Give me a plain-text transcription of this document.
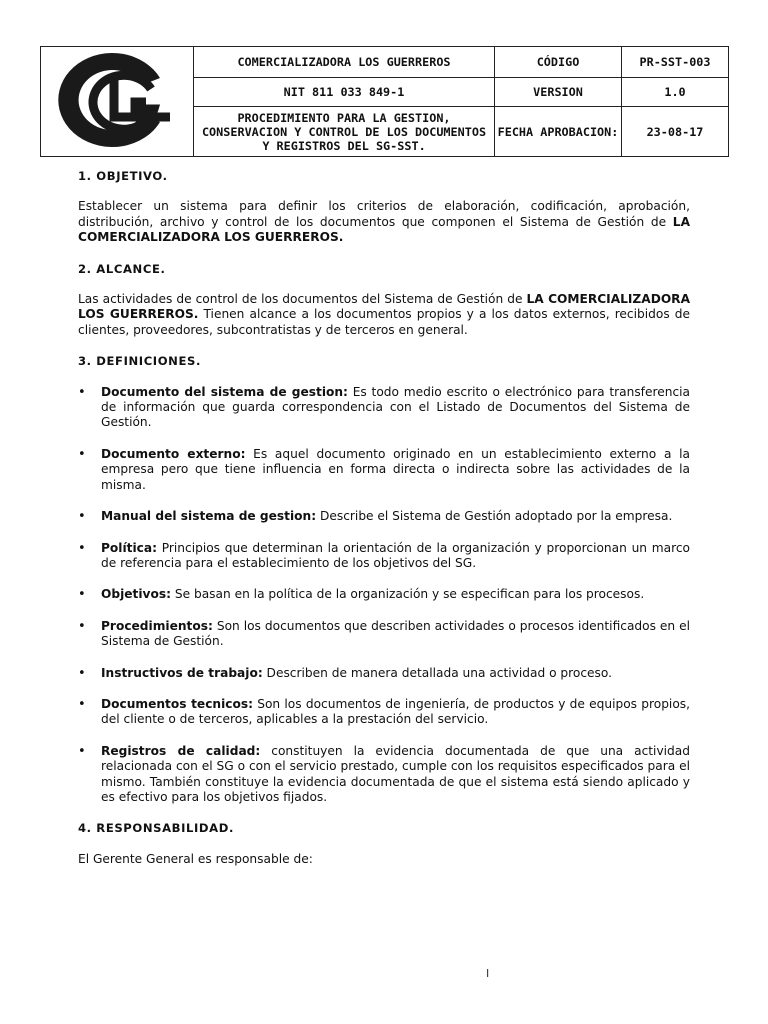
	COMERCIALIZADORA LOS GUERREROS	CÓDIGO	PR-SST-003
	NIT 811 033 849-1	VERSION	1.0
	PROCEDIMIENTO PARA LA GESTION, CONSERVACION Y CONTROL DE LOS DOCUMENTOS Y REGISTROS DEL SG-SST.	FECHA APROBACION:	23-08-17
1. OBJETIVO.

Establecer un sistema para definir los criterios de elaboración, codificación, aprobación, distribución, archivo y control de los documentos que componen el Sistema de Gestión de LA COMERCIALIZADORA LOS GUERREROS.

2. ALCANCE.

Las actividades de control de los documentos del Sistema de Gestión de LA COMERCIALIZADORA LOS GUERREROS. Tienen alcance a los documentos propios y a los datos externos, recibidos de clientes, proveedores, subcontratistas y de terceros en general.

3. DEFINICIONES.
• Documento del sistema de gestion: Es todo medio escrito o electrónico para transferencia de información que guarda correspondencia con el Listado de Documentos del Sistema de Gestión.
• Documento externo: Es aquel documento originado en un establecimiento externo a la empresa pero que tiene influencia en forma directa o indirecta sobre las actividades de la misma.
• Manual del sistema de gestion: Describe el Sistema de Gestión adoptado por la empresa.
• Política: Principios que determinan la orientación de la organización y proporcionan un marco de referencia para el establecimiento de los objetivos del SG.
• Objetivos: Se basan en la política de la organización y se especifican para los procesos.
• Procedimientos: Son los documentos que describen actividades o procesos identificados en el Sistema de Gestión.
• Instructivos de trabajo: Describen de manera detallada una actividad o proceso.
• Documentos tecnicos: Son los documentos de ingeniería, de productos y de equipos propios, del cliente o de terceros, aplicables a la prestación del servicio.
• Registros de calidad: constituyen la evidencia documentada de que una actividad relacionada con el SG o con el servicio prestado, cumple con los requisitos especificados para el mismo. También constituye la evidencia documentada de que el sistema está siendo aplicado y es efectivo para los objetivos fijados.
4. RESPONSABILIDAD.

El Gerente General es responsable de:

I
